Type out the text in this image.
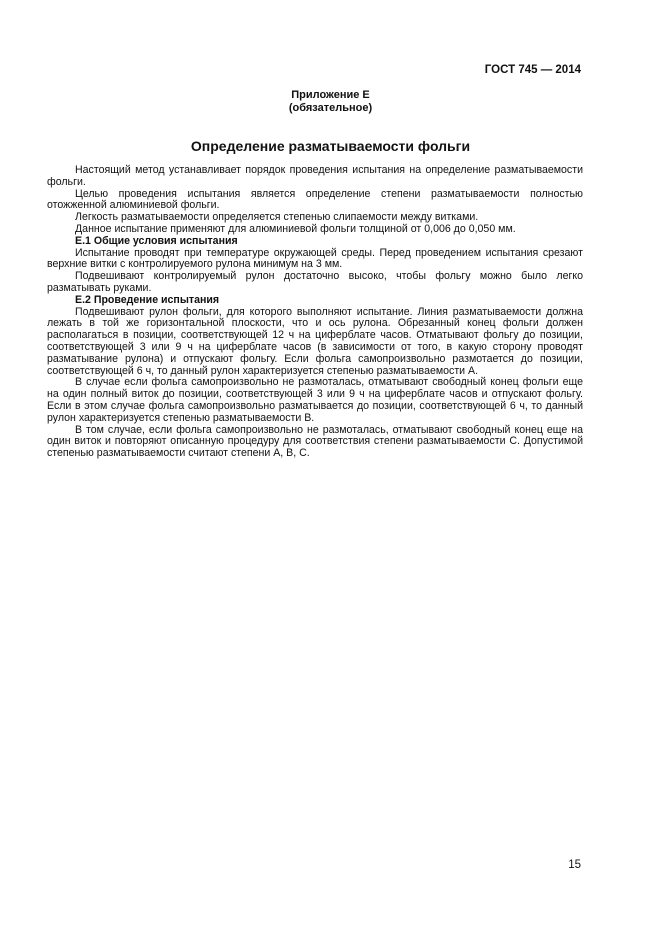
ГОСТ 745 — 2014
Приложение Е
(обязательное)
Определение разматываемости фольги

Настоящий метод устанавливает порядок проведения испытания на определение разматываемости фольги.

Целью проведения испытания является определение степени разматываемости полностью отожженной алюминиевой фольги.

Легкость разматываемости определяется степенью слипаемости между витками.

Данное испытание применяют для алюминиевой фольги толщиной от 0,006 до 0,050 мм.

Е.1 Общие условия испытания

Испытание проводят при температуре окружающей среды. Перед проведением испытания срезают верхние витки с контролируемого рулона минимум на 3 мм.

Подвешивают контролируемый рулон достаточно высоко, чтобы фольгу можно было легко разматывать руками.

Е.2 Проведение испытания

Подвешивают рулон фольги, для которого выполняют испытание. Линия разматываемости должна лежать в той же горизонтальной плоскости, что и ось рулона. Обрезанный конец фольги должен располагаться в позиции, соответствующей 12 ч на циферблате часов. Отматывают фольгу до позиции, соответствующей 3 или 9 ч на циферблате часов (в зависимости от того, в какую сторону проводят разматывание рулона) и отпускают фольгу. Если фольга самопроизвольно размотается до позиции, соответствующей 6 ч, то данный рулон характеризуется степенью разматываемости А.

В случае если фольга самопроизвольно не размоталась, отматывают свободный конец фольги еще на один полный виток до позиции, соответствующей 3 или 9 ч на циферблате часов и отпускают фольгу. Если в этом случае фольга самопроизвольно разматывается до позиции, соответствующей 6 ч, то данный рулон характеризуется степенью разматываемости В.

В том случае, если фольга самопроизвольно не размоталась, отматывают свободный конец еще на один виток и повторяют описанную процедуру для соответствия степени разматываемости С. Допустимой степенью разматываемости считают степени А, В, С.

15
